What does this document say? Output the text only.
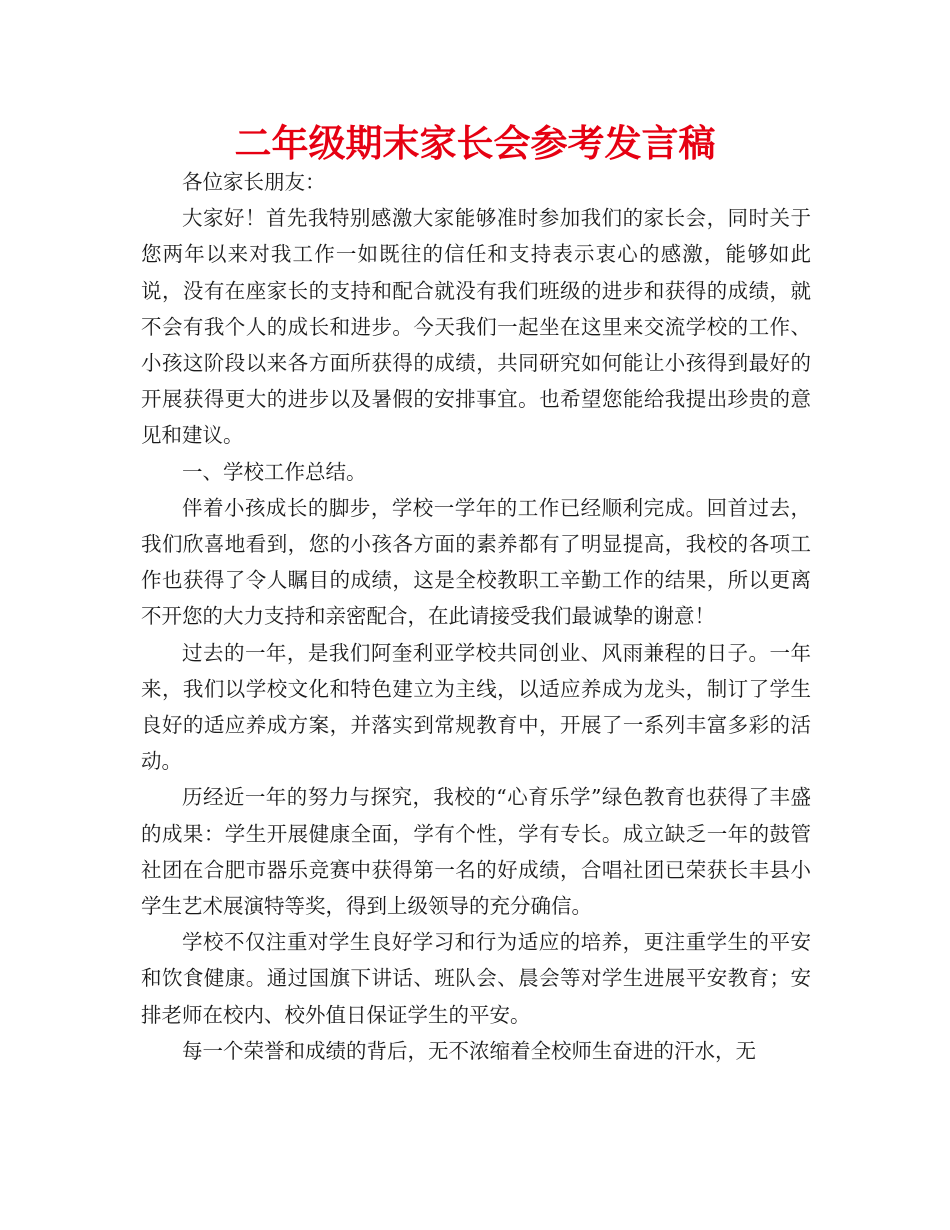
二年级期末家长会参考发言稿

各位家长朋友：

大家好！首先我特别感激大家能够准时参加我们的家长会，同时关于您两年以来对我工作一如既往的信任和支持表示衷心的感激，能够如此说，没有在座家长的支持和配合就没有我们班级的进步和获得的成绩，就不会有我个人的成长和进步。今天我们一起坐在这里来交流学校的工作、小孩这阶段以来各方面所获得的成绩，共同研究如何能让小孩得到最好的开展获得更大的进步以及暑假的安排事宜。也希望您能给我提出珍贵的意见和建议。

一、学校工作总结。

伴着小孩成长的脚步，学校一学年的工作已经顺利完成。回首过去，我们欣喜地看到，您的小孩各方面的素养都有了明显提高，我校的各项工作也获得了令人瞩目的成绩，这是全校教职工辛勤工作的结果，所以更离不开您的大力支持和亲密配合，在此请接受我们最诚挚的谢意！

过去的一年，是我们阿奎利亚学校共同创业、风雨兼程的日子。一年来，我们以学校文化和特色建立为主线，以适应养成为龙头，制订了学生良好的适应养成方案，并落实到常规教育中，开展了一系列丰富多彩的活动。

历经近一年的努力与探究，我校的“心育乐学”绿色教育也获得了丰盛的成果：学生开展健康全面，学有个性，学有专长。成立缺乏一年的鼓管社团在合肥市器乐竞赛中获得第一名的好成绩，合唱社团已荣获长丰县小学生艺术展演特等奖，得到上级领导的充分确信。

学校不仅注重对学生良好学习和行为适应的培养，更注重学生的平安和饮食健康。通过国旗下讲话、班队会、晨会等对学生进展平安教育；安排老师在校内、校外值日保证学生的平安。

每一个荣誉和成绩的背后，无不浓缩着全校师生奋进的汗水，无
